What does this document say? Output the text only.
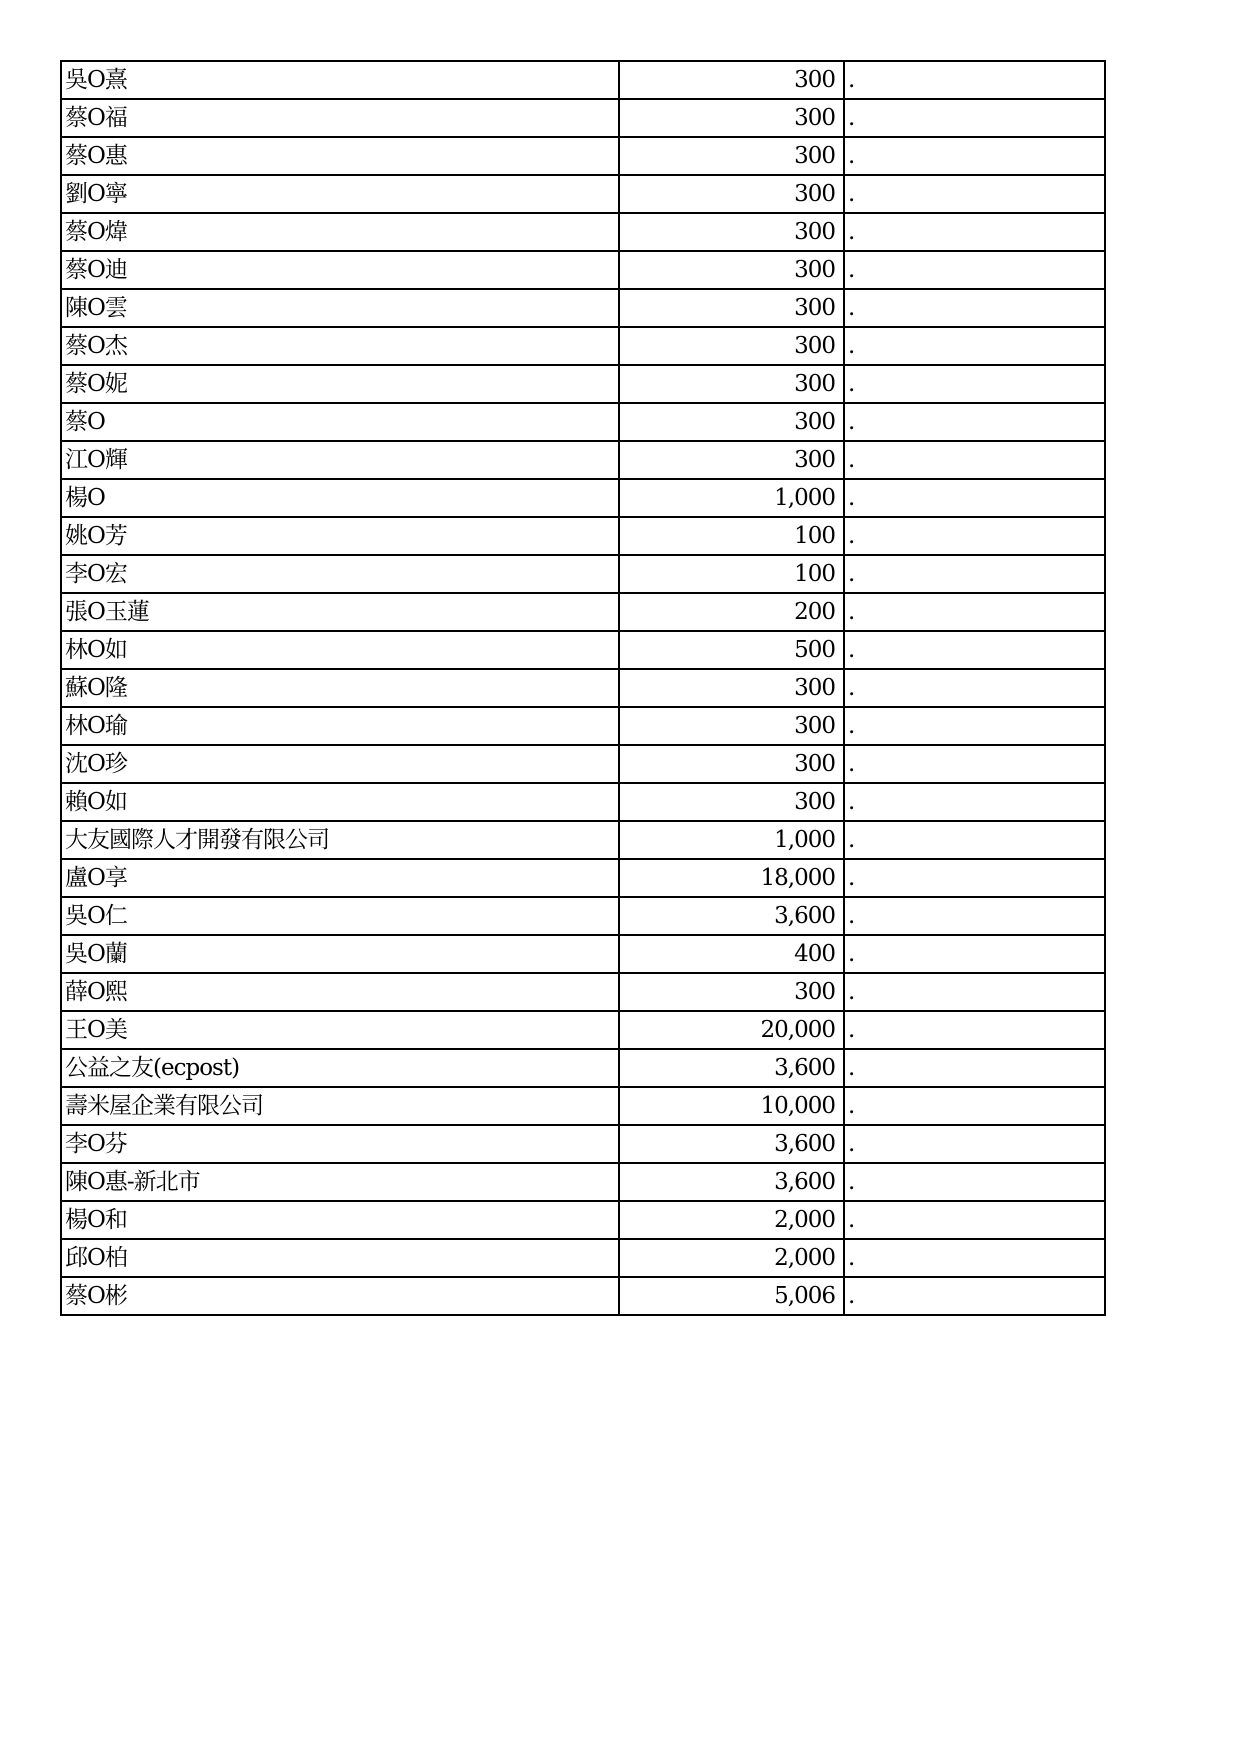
吳O熹	300	.
蔡O福	300	.
蔡O惠	300	.
劉O寧	300	.
蔡O煒	300	.
蔡O迪	300	.
陳O雲	300	.
蔡O杰	300	.
蔡O妮	300	.
蔡O	300	.
江O輝	300	.
楊O	1,000	.
姚O芳	100	.
李O宏	100	.
張O玉蓮	200	.
林O如	500	.
蘇O隆	300	.
林O瑜	300	.
沈O珍	300	.
賴O如	300	.
大友國際人才開發有限公司	1,000	.
盧O享	18,000	.
吳O仁	3,600	.
吳O蘭	400	.
薛O熙	300	.
王O美	20,000	.
公益之友(ecpost)	3,600	.
壽米屋企業有限公司	10,000	.
李O芬	3,600	.
陳O惠-新北市	3,600	.
楊O和	2,000	.
邱O柏	2,000	.
蔡O彬	5,006	.
